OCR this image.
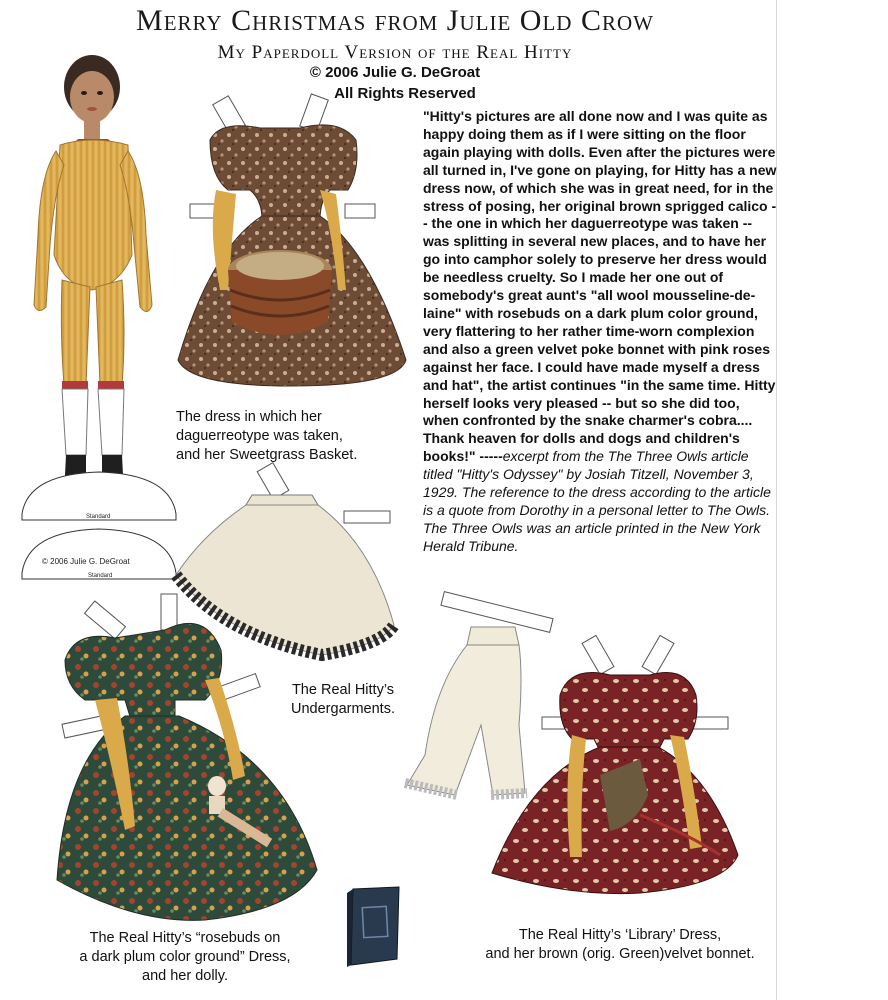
Merry Christmas from Julie Old Crow
My Paperdoll Version of the Real Hitty
© 2006 Julie G. DeGroat
All Rights Reserved
Standard
© 2006 Julie G. DeGroat
Standard
The dress in which her
daguerreotype was taken,
and her Sweetgrass Basket.
"Hitty's pictures are all done now and I was quite as happy doing them as if I were sitting on the floor again playing with dolls. Even after the pictures were all turned in, I've gone on playing, for Hitty has a new dress now, of which she was in great need, for in the stress of posing, her original brown sprigged calico -- the one in which her daguerreotype was taken -- was splitting in several new places, and to have her go into camphor solely to preserve her dress would be needless cruelty. So I made her one out of somebody's great aunt's "all wool mousseline-de-laine" with rosebuds on a dark plum color ground, very flattering to her rather time-worn complexion and also a green velvet poke bonnet with pink roses against her face. I could have made myself a dress and hat", the artist continues "in the same time. Hitty herself looks very pleased -- but so she did too, when confronted by the snake charmer's cobra.... Thank heaven for dolls and dogs and children's books!" -----excerpt from the The Three Owls article titled "Hitty's Odyssey" by Josiah Titzell, November 3, 1929. The reference to the dress according to the article is a quote from Dorothy in a personal letter to The Owls. The Three Owls was an article printed in the New York Herald Tribune.
The Real Hitty’s
Undergarments.
The Real Hitty’s “rosebuds on
a dark plum color ground” Dress,
and her dolly.
The Real Hitty’s ‘Library’ Dress,
and her brown (orig. Green)velvet bonnet.
